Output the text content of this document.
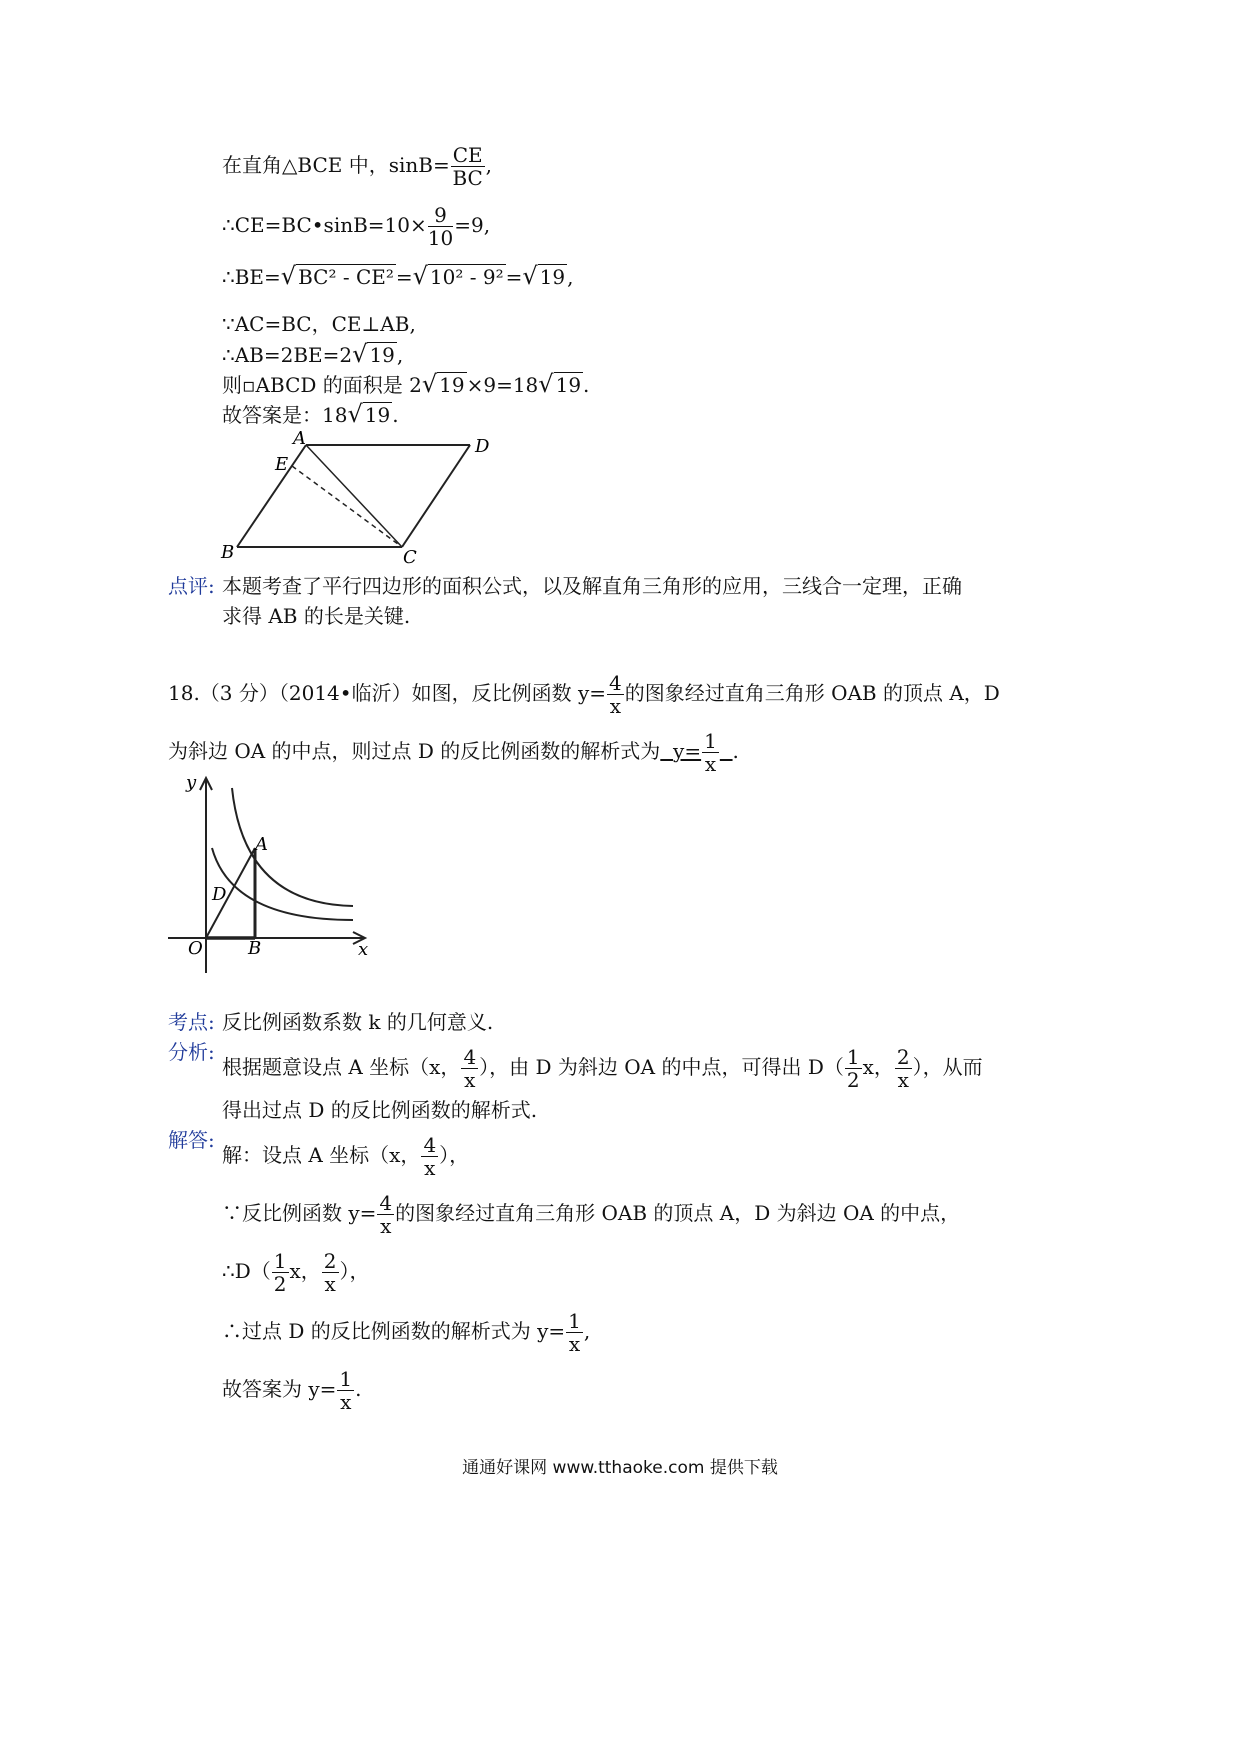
在直角△BCE 中，$\sin B= \frac{CE}{BC}$ ,
∴CE=BC•sinB=10× $\frac{9}{10} =9$,
∴BE=√ BC² - CE² =√ 10² - 9² =√ 19 ,
∵AC=BC，CE⊥AB,
∴AB=2BE=2√ 19 ,
则▫ABCD 的面积是 2√ 19 ×9=18√ 19 .
故答案是：18√ 19 .
A	D
E
B	C
点评: 本题考查了平行四边形的面积公式，以及解直角三角形的应用，三线合一定理，正确
求得 AB 的长是关键.
18.（3 分）（2014•临沂）如图，反比例函数 $y= \frac{4}{x}$ 的图象经过直角三角形 OAB 的顶点 A，D
为斜边 OA 的中点，则过点 D 的反比例函数的解析式为 $y= \frac{1}{x}$ .
y
A
D
O	B	x
考点: 反比例函数系数 k 的几何意义.
分析:
根据题意设点 A 坐标（x， $\frac{4}{x}$ ），由 D 为斜边 OA 的中点，可得出 $D( \frac{1}{2}$ x， $\frac{2}{x}$ ），从而
得出过点 D 的反比例函数的解析式.
解答:
解：设点 A 坐标（x， $\frac{4}{x}$ ），
∵反比例函数 $y= \frac{4}{x}$ 的图象经过直角三角形 OAB 的顶点 A，D 为斜边 OA 的中点，
∴D（ $\frac{1}{2}$ x， $\frac{2}{x}$ ），
∴过点 D 的反比例函数的解析式为 $y= \frac{1}{x}$ ,
故答案为 $y= \frac{1}{x}$ .
通通好课网 www.tthaoke.com 提供下载
